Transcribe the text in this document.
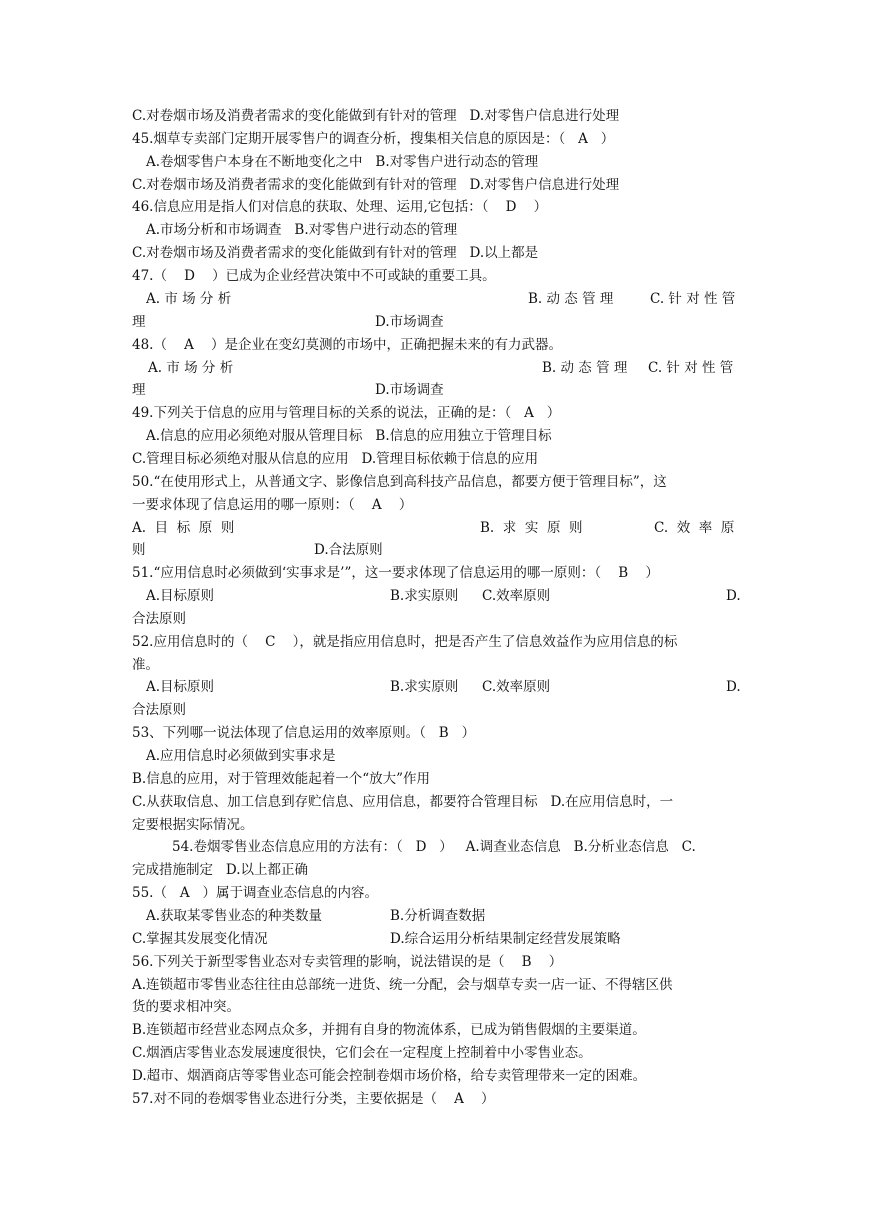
C.对卷烟市场及消费者需求的变化能做到有针对的管理   D.对零售户信息进行处理
45.烟草专卖部门定期开展零售户的调查分析，搜集相关信息的原因是：（   A   ）
A.卷烟零售户本身在不断地变化之中   B.对零售户进行动态的管理
C.对卷烟市场及消费者需求的变化能做到有针对的管理   D.对零售户信息进行处理
46.信息应用是指人们对信息的获取、处理、运用,它包括：（    D    ）
A.市场分析和市场调查   B.对零售户进行动态的管理
C.对卷烟市场及消费者需求的变化能做到有针对的管理   D.以上都是
47.（    D    ）已成为企业经营决策中不可或缺的重要工具。
A. 市 场 分 析	B. 动 态 管 理	C. 针 对 性 管
理	D.市场调查
48.（    A    ）是企业在变幻莫测的市场中，正确把握未来的有力武器。
A. 市 场 分 析	B. 动 态 管 理 C. 针 对 性 管
理	D.市场调查
49.下列关于信息的应用与管理目标的关系的说法，正确的是：（   A   ）
A.信息的应用必须绝对服从管理目标   B.信息的应用独立于管理目标
C.管理目标必须绝对服从信息的应用   D.管理目标依赖于信息的应用
50.“在使用形式上，从普通文字、影像信息到高科技产品信息，都要方便于管理目标”，这
一要求体现了信息运用的哪一原则：（    A    ）
A.  目  标  原  则	B.  求  实  原  则	C.  效  率  原
则	D.合法原则
51.“应用信息时必须做到‘实事求是’”，这一要求体现了信息运用的哪一原则：（    B    ）
A.目标原则	B.求实原则 C.效率原则	D.
合法原则
52.应用信息时的（    C    ），就是指应用信息时，把是否产生了信息效益作为应用信息的标
准。
A.目标原则	B.求实原则 C.效率原则	D.
合法原则
53、下列哪一说法体现了信息运用的效率原则。（   B   ）
A.应用信息时必须做到实事求是
B.信息的应用，对于管理效能起着一个“放大”作用
C.从获取信息、加工信息到存贮信息、应用信息，都要符合管理目标   D.在应用信息时，一
定要根据实际情况。
54.卷烟零售业态信息应用的方法有：（   D   ）   A.调查业态信息   B.分析业态信息   C.
完成措施制定   D.以上都正确
55.（   A   ）属于调查业态信息的内容。
A.获取某零售业态的种类数量	B.分析调查数据
C.掌握其发展变化情况	D.综合运用分析结果制定经营发展策略
56.下列关于新型零售业态对专卖管理的影响，说法错误的是（    B    ）
A.连锁超市零售业态往往由总部统一进货、统一分配，会与烟草专卖一店一证、不得辖区供
货的要求相冲突。
B.连锁超市经营业态网点众多，并拥有自身的物流体系，已成为销售假烟的主要渠道。
C.烟酒店零售业态发展速度很快，它们会在一定程度上控制着中小零售业态。
D.超市、烟酒商店等零售业态可能会控制卷烟市场价格，给专卖管理带来一定的困难。
57.对不同的卷烟零售业态进行分类，主要依据是（    A    ）
